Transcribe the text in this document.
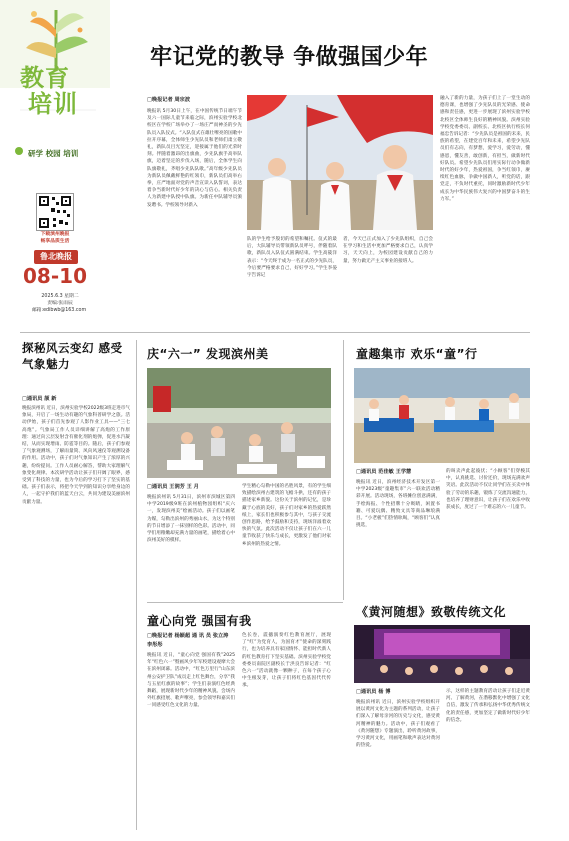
教育
培训
研学 校园 培训
下载滨州晚报
畅享品质生活
鲁北晚报
08-10
2025.6.3 星期二
责编:张雨辰
邮箱:edibwb@163.com
牢记党的教导 争做强国少年
□晚报记者 周宗波
晚报讯 5月30日上午，在中国传统节日端午节及六一国际儿童节来临之际，滨州实验学校北校区在学校广场举办了一场庄严而神圣的少先队员入队仪式。“入队仪式在雄壮嘹亮的国歌中拉开序幕，全体师生少先队员和老师们肃立敬礼，新队员目光坚定，迎接属于他们的光荣时刻。伴随着激昂的出旗曲，少先队旗手高举队旗，迈着坚定的步伐入场，随后，全体学生向队旗敬礼，齐唱少先队队歌。”高年级少先队员为新队员佩戴鲜艳的红领巾，新队员们高举右拳，庄严地面对党的声音宣读入队誓词，表达着争当新时代好少年的决心与信心。相关负责人为新建中队授中队旗。为新任中队辅导员颁发聘书。学校领导对新入
队的学生给予殷切的希望和嘱托。仪式的最后，大队辅导员带领新队员呼号，伴随着队歌，新队员入队仪式圆满结束。学生高筱洋表示：“今天终于成为一名正式的少先队员，今后要严格要求自己，好好学习。”学生李晏宇告诉记
者，今天已正式加入了少先队组织，自己会在学习和生活中更加严格要求自己，认真学习，天天向上，为校园建设贡献自己的力量，努力做无产主义事业的接班人。
融入了新的力量，为孩子们上了一堂生动的德育课，也增强了少先队员的光荣感、使命感和责任感，更进一步展现了滨州实验学校北校区全体师生良好的精神风貌。滨州实验学校党委委员、副校长、北校区执行校长何福忠告诉记者：“少先队员是祖国的未来，民族的希望，在建党百年和未来，希望少先队员们有志向，有梦想，爱学习，爱劳动，懂感恩，懂友善，敢创新，有担当，做新时代好队员。希望少先队员们用实际行动争做新时代的好少年，热爱祖国，争当红领巾，赓续红色血脉，争做中国新人，听党的话，跟党走，不负时代重托，同时激励新时代少年成长为中华民族伟大复兴的中国梦奋斗的生力军。”
探秘风云变幻 感受气象魅力
□通讯员 颉 新
晚报滨州讯 近日，滨州实验学校2022级3班走进市气象局，开启了一场生动有趣的气象科普研学之旅。活动伊始，孩子们首先参观了人影作业工具——“三七高炮”。气象局工作人员详细讲解了高炮的工作原理：通过向云层发射含有催化剂的炮弹，促进水汽凝结，从而实现增雨、防雹等目的。随后，孩子们参观了气象观测场，了解雨量筒、风向风速仪等观测设备的作用。活动中，孩子们对气象知识产生了浓厚的兴趣，纷纷提问。工作人员耐心解答，帮助大家理解气象变化规律。本次研学活动让孩子们开阔了眼界，感受到了科技的力量，也为今后的学习打下了坚实的基础。孩子们表示，将把今天学到的知识分享给身边的人，一起守护我们的蓝天白云，共同为建设美丽滨州贡献力量。
庆“六一” 发现滨州美
□通讯员 王润芳 王 月
晚报滨州讯 5月31日，滨州市滨城区第四中学2019级9班在滨州植物园组织“庆六一，发现滨州美”绘画活动。孩子们以画笔为媒，勾勒出滨州的秀丽山水，为这个特别的节日增添了一抹别样的色彩。活动中，同学们用稚嫩却充满力量的画笔，描绘着心中滨州美好的模样。
学生精心勾勒中国的名胜风景，有的学生细致描绘滨州古建筑的飞檐斗拱，还有的孩子描述家乡新貌。这份关于滨州的记忆，是珍藏于心底的美好，孩子们对家乡的热爱跃然纸上，家长们也积极参与其中，与孩子交流创作思路，给予鼓励和支持，现场洋溢着欢快的气氛。此次活动不仅让孩子们在六一儿童节收获了快乐与成长，更激发了他们对家乡滨州的热爱之情。
童趣集市 欢乐“童”行
□通讯员 范佳敏 王学慧
晚报讯 近日，滨州经济技术开发区第一中学2023级“童趣集市”六一联欢活动精彩开展。活动现场，各班摊位创意满满，手绘海报、个性招牌十分吸睛，闲置书籍、可爱玩偶、精致文具等商品琳琅满目。“小老板”们热情吆喝，“顾客们”认真挑选，
的叫卖声此起彼伏；“小顾客”们穿梭其中，认真挑选、讨价还价，现场充满欢声笑语。此次活动不仅让同学们在买卖中体验了劳动的乐趣，锻炼了交流沟通能力，也培养了理财意识，让孩子们在欢乐中收获成长，度过了一个难忘的六一儿童节。
童心向党 强国有我
□晚报记者 杨颖超 通 讯 员 张立涛 李彤彤
晚报讯 近日，“童心向党 强国有我”2025年“红色六一”暨画风少年军校建设观摩大会在滨州闭幕。活动中，“红色万里行”山东滨州公安护卫队”成员走上红色舞台，分享“我与五星红旗的故事”；学生们表演红色经典舞蹈，展现新时代少年的精神风貌。会场内外红旗招展、歌声嘹亮，参会领导和嘉宾们一同感受红色文化的力量。
色长卷，震撼演奏红色教育展厅，展现了“红”为党育人，为国育才”使命的深刻践行，也为培养具有家国情怀、能担时代新人的红色教育打下坚实基础。滨州实验学校党委委员南院区副校长于洪良告诉记者：“红色六一”活动就像一颗种子，在每个孩子心中生根发芽，让孩子们将红色基因代代传承。
《黄河随想》致敬传统文化
□通讯员 杨 博
晚报滨州讯 近日，滨州实验学校组织开展以黄河文化为主题的系列活动，让孩子们深入了解母亲河的历史与文化，感受黄河精神的魅力。活动中，孩子们观看了《黄河随想》专题演出，聆听黄河故事，学习黄河文化，用画笔和歌声表达对黄河的热爱。
示，这样的主题教育活动让孩子们走近黄河、了解黄河，在潜移默化中增强了文化自信，激发了传承和弘扬中华优秀传统文化的责任感，更加坚定了做新时代好少年的信念。
